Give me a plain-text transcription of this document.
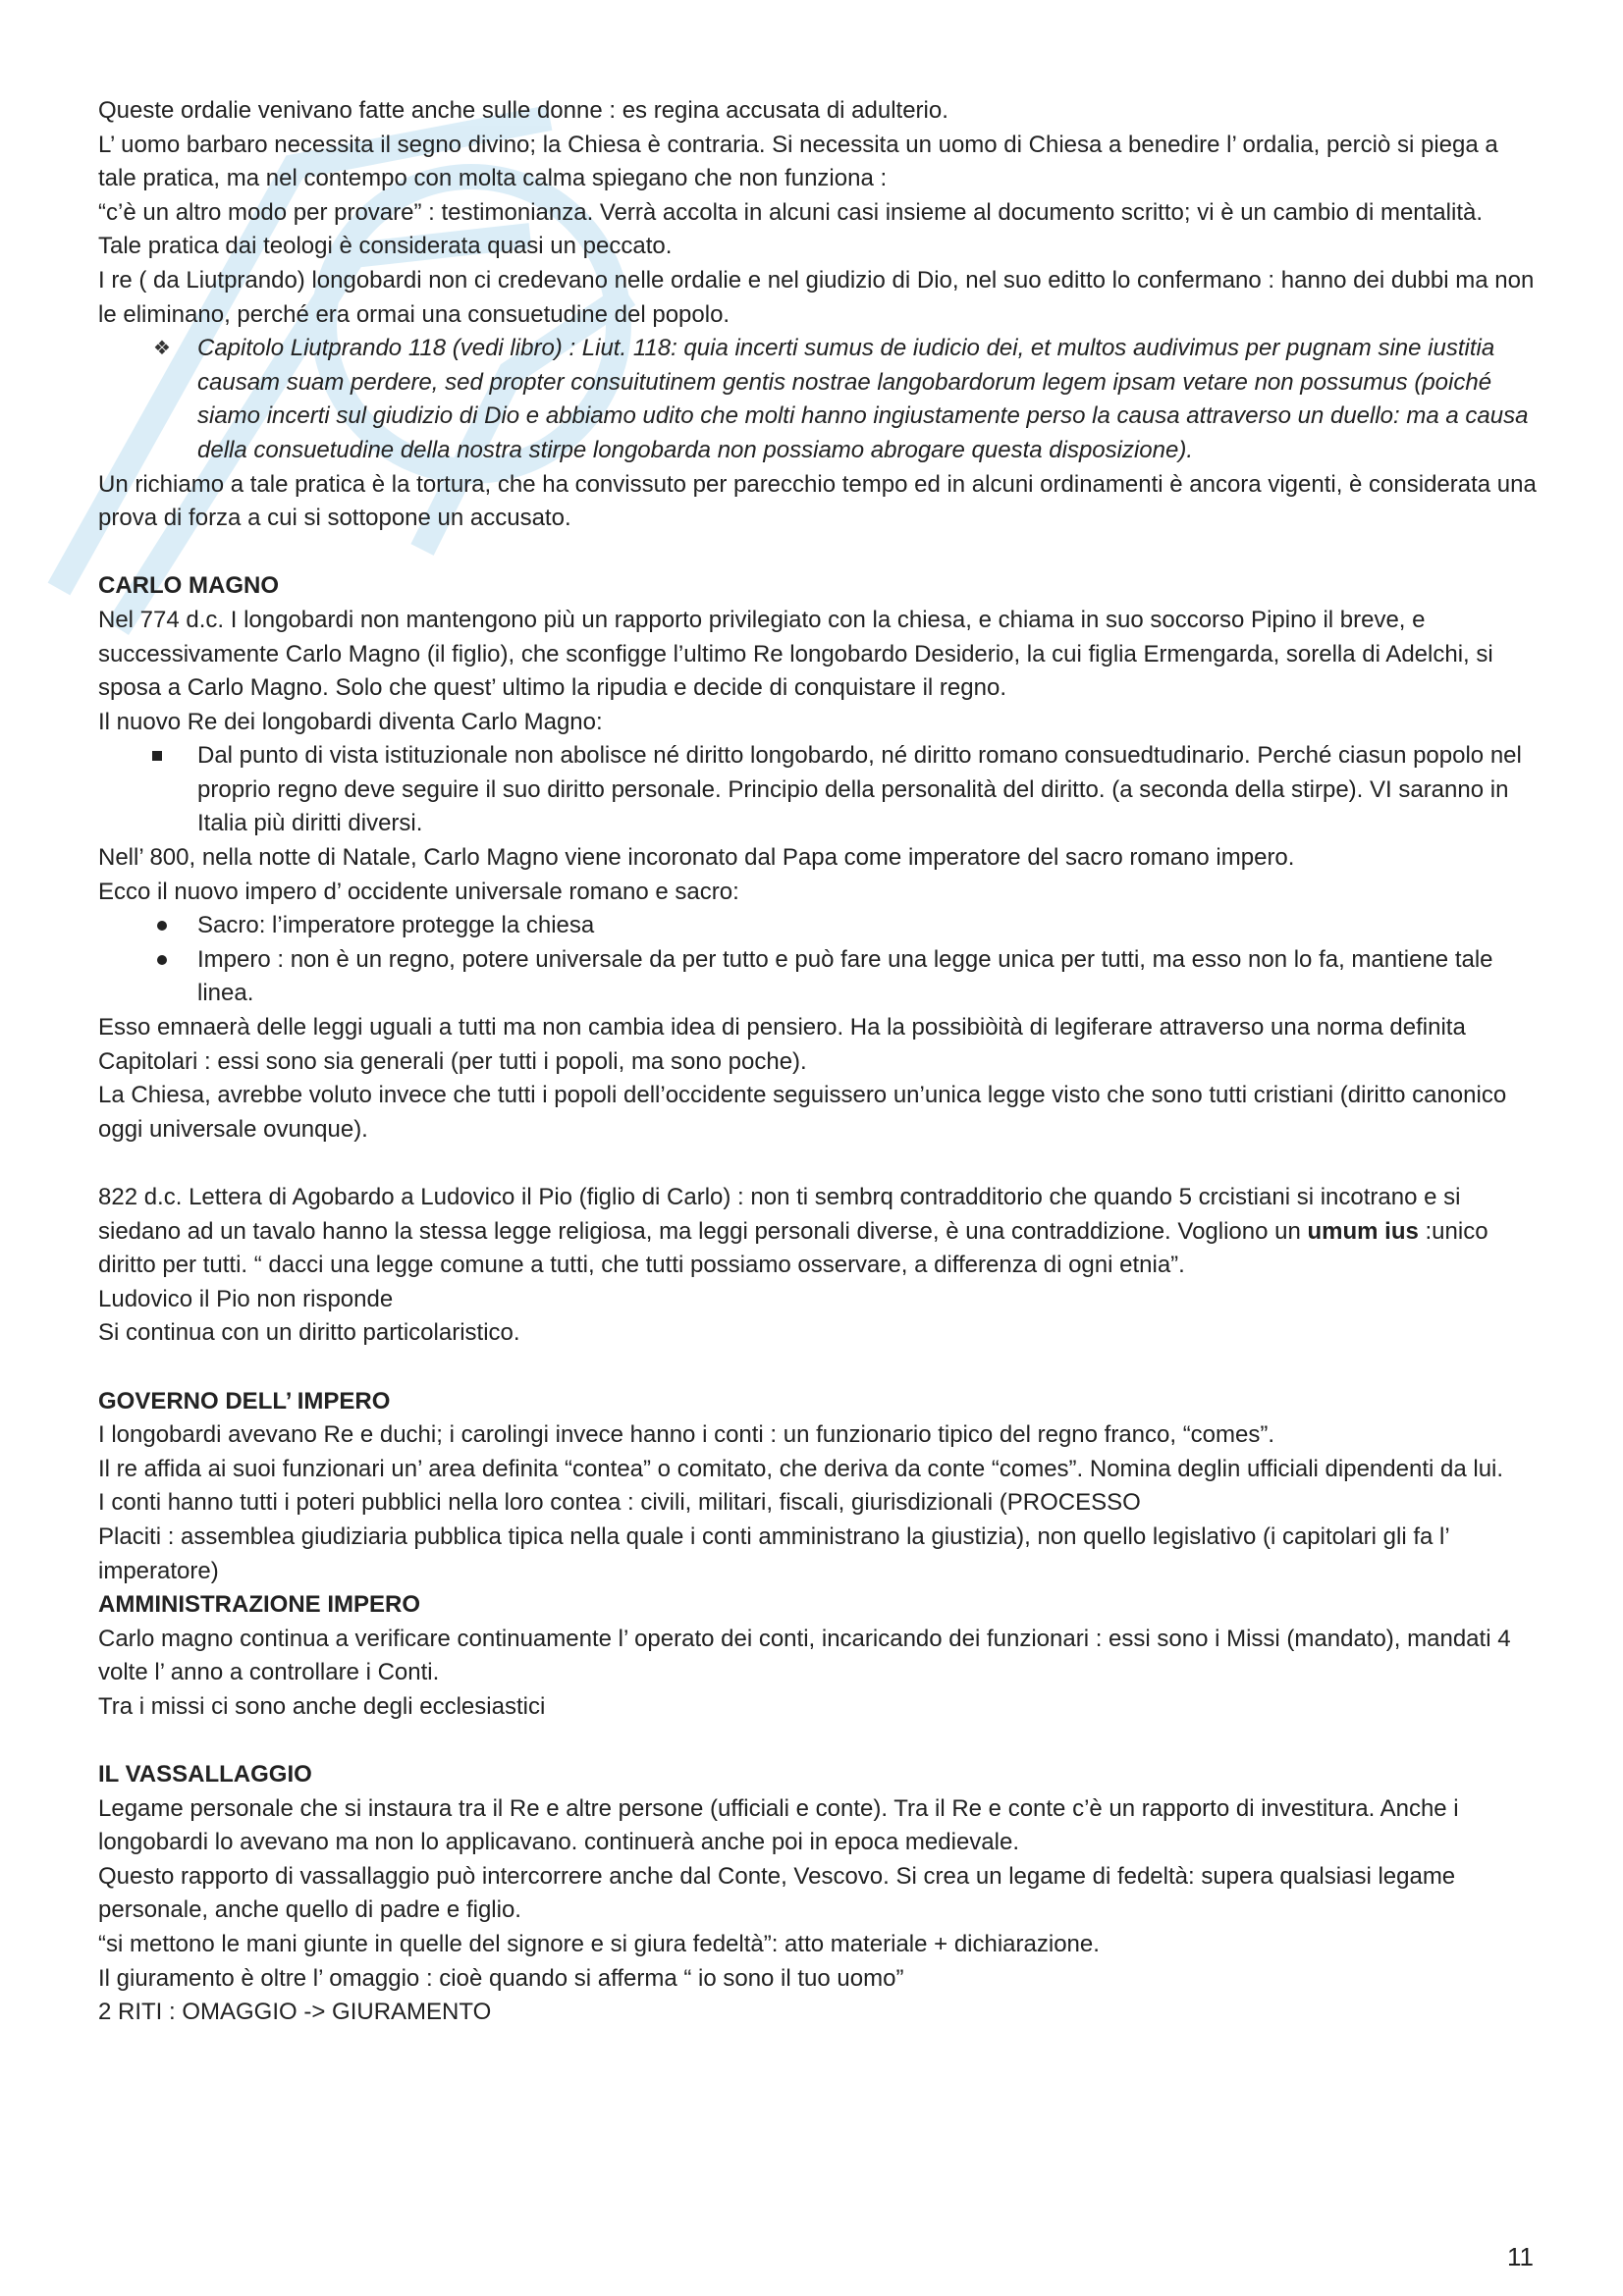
Queste ordalie venivano fatte anche sulle donne : es regina accusata di adulterio.

L’ uomo barbaro necessita il segno divino; la Chiesa è contraria. Si necessita un uomo di Chiesa a benedire l’ ordalia, perciò si piega a tale pratica, ma nel contempo con molta calma spiegano che non funziona :

“c’è un altro modo per provare” : testimonianza. Verrà accolta in alcuni casi insieme al documento scritto; vi è un cambio di mentalità.

Tale pratica dai teologi è considerata quasi un peccato.

I re ( da Liutprando) longobardi non ci credevano nelle ordalie e nel giudizio di Dio, nel suo editto lo confermano : hanno dei dubbi ma non le eliminano, perché era ormai una consuetudine del popolo.

❖ Capitolo Liutprando 118 (vedi libro) : Liut. 118: quia incerti sumus de iudicio dei, et multos audivimus per pugnam sine iustitia causam suam perdere, sed propter consuitutinem gentis nostrae langobardorum legem ipsam vetare non possumus (poiché siamo incerti sul giudizio di Dio e abbiamo udito che molti hanno ingiustamente perso la causa attraverso un duello: ma a causa della consuetudine della nostra stirpe longobarda non possiamo abrogare questa disposizione).

Un richiamo a tale pratica è la tortura, che ha convissuto per parecchio tempo ed in alcuni ordinamenti è ancora vigenti, è considerata una prova di forza a cui si sottopone un accusato.

CARLO MAGNO

Nel 774 d.c. I longobardi non mantengono più un rapporto privilegiato con la chiesa, e chiama in suo soccorso Pipino il breve, e successivamente Carlo Magno (il figlio), che sconfigge l’ultimo Re longobardo Desiderio, la cui figlia Ermengarda, sorella di Adelchi, si sposa a Carlo Magno. Solo che quest’ ultimo la ripudia e decide di conquistare il regno.

Il nuovo Re dei longobardi diventa Carlo Magno:

Dal punto di vista istituzionale non abolisce né diritto longobardo, né diritto romano consuedtudinario. Perché ciasun popolo nel proprio regno deve seguire il suo diritto personale. Principio della personalità del diritto. (a seconda della stirpe). VI saranno in Italia più diritti diversi.

Nell’ 800, nella notte di Natale, Carlo Magno viene incoronato dal Papa come imperatore del sacro romano impero.

Ecco il nuovo impero d’ occidente universale romano e sacro:

Sacro: l’imperatore protegge la chiesa
Impero : non è un regno, potere universale da per tutto e può fare una legge unica per tutti, ma esso non lo fa, mantiene tale linea.

Esso emnaerà delle leggi uguali a tutti ma non cambia idea di pensiero. Ha la possibiòità di legiferare attraverso una norma definita Capitolari : essi sono sia generali (per tutti i popoli, ma sono poche).

La Chiesa, avrebbe voluto invece che tutti i popoli dell’occidente seguissero un’unica legge visto che sono tutti cristiani (diritto canonico oggi universale ovunque).

822 d.c. Lettera di Agobardo a Ludovico il Pio (figlio di Carlo) : non ti sembrq contradditorio che quando 5 crcistiani si incotrano e si siedano ad un tavalo hanno la stessa legge religiosa, ma leggi personali diverse, è una contraddizione. Vogliono un umum ius :unico diritto per tutti. “ dacci una legge comune a tutti, che tutti possiamo osservare, a differenza di ogni etnia”.

Ludovico il Pio non risponde

Si continua con un diritto particolaristico.

GOVERNO DELL’ IMPERO

I longobardi avevano Re e duchi; i carolingi invece hanno i conti : un funzionario tipico del regno franco, “comes”.

Il re affida ai suoi funzionari un’ area definita “contea” o comitato, che deriva da conte “comes”. Nomina deglin ufficiali dipendenti da lui.

I conti hanno tutti i poteri pubblici nella loro contea : civili, militari, fiscali, giurisdizionali (PROCESSO

Placiti : assemblea giudiziaria pubblica tipica nella quale i conti amministrano la giustizia), non quello legislativo (i capitolari gli fa l’ imperatore)

AMMINISTRAZIONE IMPERO

Carlo magno continua a verificare continuamente l’ operato dei conti, incaricando dei funzionari : essi sono i Missi (mandato), mandati 4 volte l’ anno a controllare i Conti.

Tra i missi ci sono anche degli ecclesiastici

IL VASSALLAGGIO

Legame personale che si instaura tra il Re e altre persone (ufficiali e conte). Tra il Re e conte c’è un rapporto di investitura. Anche i longobardi lo avevano ma non lo applicavano. continuerà anche poi in epoca medievale.

Questo rapporto di vassallaggio può intercorrere anche dal Conte, Vescovo. Si crea un legame di fedeltà: supera qualsiasi legame personale, anche quello di padre e figlio.

“si mettono le mani giunte in quelle del signore e si giura fedeltà”: atto materiale + dichiarazione.

Il giuramento è oltre l’ omaggio : cioè quando si afferma “ io sono il tuo uomo”

2 RITI : OMAGGIO -> GIURAMENTO

11
